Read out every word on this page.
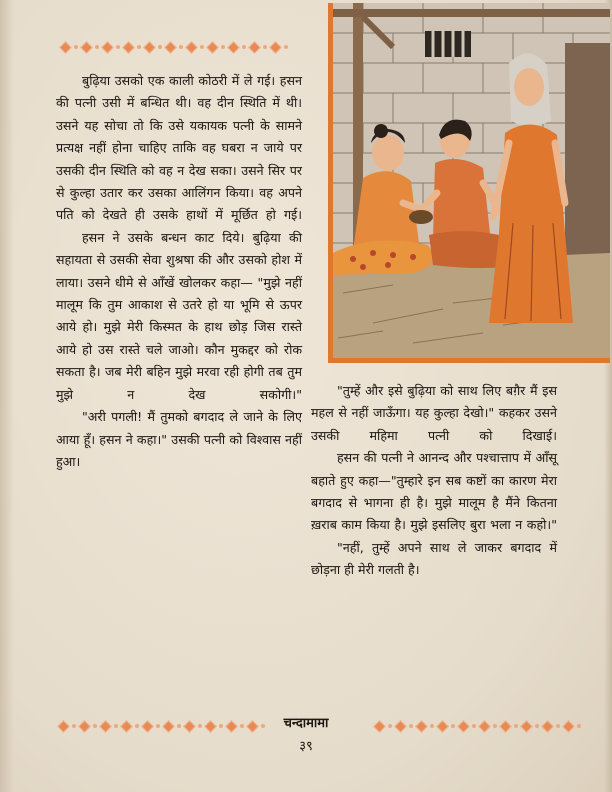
बुढ़िया उसको एक काली कोठरी में ले गई। हसन की पत्नी उसी में बन्धित थी। वह दीन स्थिति में थी। उसने यह सोचा तो कि उसे यकायक पत्नी के सामने प्रत्यक्ष नहीं होना चाहिए ताकि वह घबरा न जाये पर उसकी दीन स्थिति को वह न देख सका। उसने सिर पर से कुल्हा उतार कर उसका आलिंगन किया। वह अपने पति को देखते ही उसके हाथों में मूर्छित हो गई।

हसन ने उसके बन्धन काट दिये। बुढ़िया की सहायता से उसकी सेवा शुश्रषा की और उसको होश में लाया। उसने धीमे से आँखें खोलकर कहा— "मुझे नहीं मालूम कि तुम आकाश से उतरे हो या भूमि से ऊपर आये हो। मुझे मेरी किस्मत के हाथ छोड़ जिस रास्ते आये हो उस रास्ते चले जाओ। कौन मुकद्दर को रोक सकता है। जब मेरी बहिन मुझे मरवा रही होगी तब तुम मुझे न देख सकोगी।"

"अरी पगली! मैं तुमको बगदाद ले जाने के लिए आया हूँ। हसन ने कहा।" उसकी पत्नी को विश्वास नहीं हुआ।

"तुम्हें और इसे बुढ़िया को साथ लिए बग़ैर मैं इस महल से नहीं जाऊँगा। यह कुल्हा देखो।" कहकर उसने उसकी महिमा पत्नी को दिखाई।

हसन की पत्नी ने आनन्द और पश्चात्ताप में आँसू बहाते हुए कहा—"तुम्हारे इन सब कष्टों का कारण मेरा बगदाद से भागना ही है। मुझे मालूम है मैंने कितना ख़राब काम किया है। मुझे इसलिए बुरा भला न कहो।"

"नहीं, तुम्हें अपने साथ ले जाकर बगदाद में छोड़ना ही मेरी गलती है।

चन्दामामा
३९
